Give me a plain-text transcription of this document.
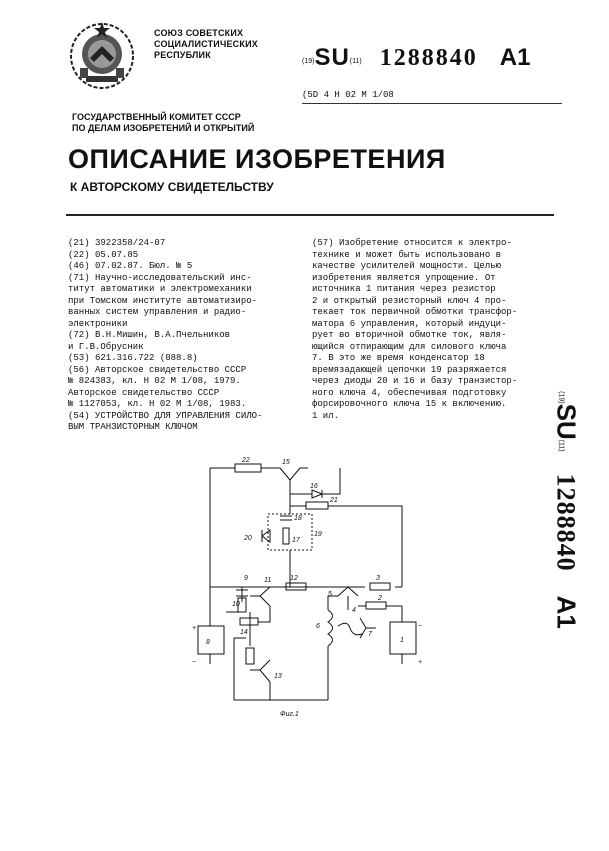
СОЮЗ СОВЕТСКИХ
СОЦИАЛИСТИЧЕСКИХ
РЕСПУБЛИК
(19)SU(11) 1288840 A1
(5D 4 H 02 M 1/08
ГОСУДАРСТВЕННЫЙ КОМИТЕТ СССР
ПО ДЕЛАМ ИЗОБРЕТЕНИЙ И ОТКРЫТИЙ
ОПИСАНИЕ ИЗОБРЕТЕНИЯ
К АВТОРСКОМУ СВИДЕТЕЛЬСТВУ
(21) 3922358/24-07
(22) 05.07.85
(46) 07.02.87. Бюл. № 5
(71) Научно-исследовательский инс-
титут автоматики и электромеханики
при Томском институте автоматизиро-
ванных систем управления и радио-
электроники
(72) В.Н.Мишин, В.А.Пчельников
и Г.В.Обрусник
(53) 621.316.722 (088.8)
(56) Авторское свидетельство СССР
№ 824383, кл. Н 02 М 1/08, 1979.
Авторское свидетельство СССР
№ 1127053, кл. Н 02 М 1/08, 1983.
(54) УСТРОЙСТВО ДЛЯ УПРАВЛЕНИЯ СИЛО-
ВЫМ ТРАНЗИСТОРНЫМ КЛЮЧОМ
(57) Изобретение относится к электро-
технике и может быть использовано в
качестве усилителей мощности. Целью
изобретения является упрощение. От
источника 1 питания через резистор
2 и открытый резисторный ключ 4 про-
текает ток первичной обмотки трансфор-
матора 6 управления, который индуци-
рует во вторичной обмотке ток, явля-
ющийся отпирающим для силового ключа
7. В это же время конденсатор 18
времязадающей цепочки 19 разряжается
через диоды 20 и 16 и базу транзистор-
ного ключа 4, обеспечивая подготовку
форсировочного ключа 15 к включению.
1 ил.
(19)SU(11)1288840A1
22	15
16
21
18
17
19
20
9
10
11	12	3
5
4
2
14
8
6
7
1
13
+
−
−
+
Фиг.1
